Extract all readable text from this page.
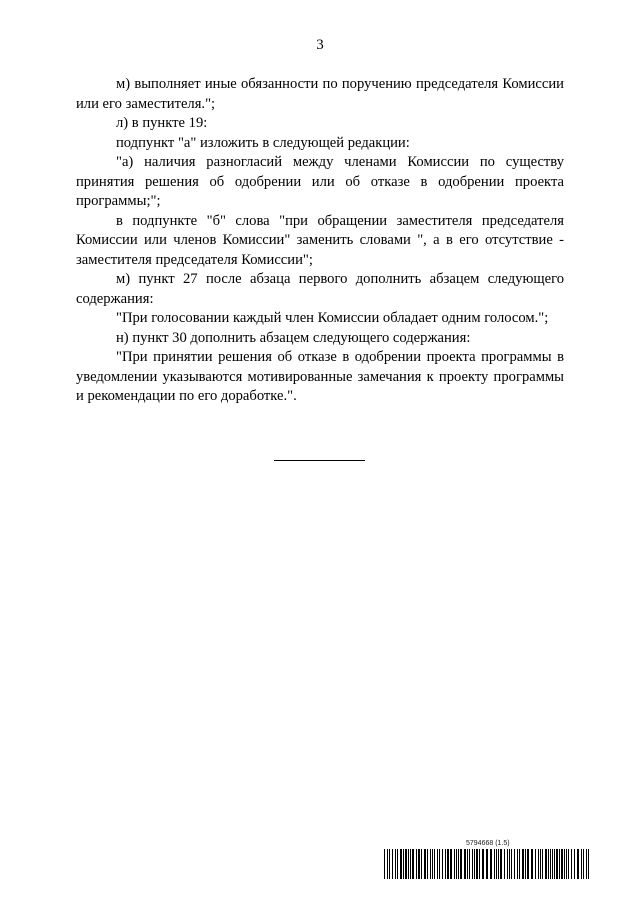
3

м) выполняет иные обязанности по поручению председателя Комиссии или его заместителя.";

л) в пункте 19:

подпункт "а" изложить в следующей редакции:

"а) наличия разногласий между членами Комиссии по существу принятия решения об одобрении или об отказе в одобрении проекта программы;";

в подпункте "б" слова "при обращении заместителя председателя Комиссии или членов Комиссии" заменить словами ", а в его отсутствие - заместителя председателя Комиссии";

м) пункт 27 после абзаца первого дополнить абзацем следующего содержания:

"При голосовании каждый член Комиссии обладает одним голосом.";

н) пункт 30 дополнить абзацем следующего содержания:

"При принятии решения об отказе в одобрении проекта программы в уведомлении указываются мотивированные замечания к проекту программы и рекомендации по его доработке.".

5794668 (1.5)
